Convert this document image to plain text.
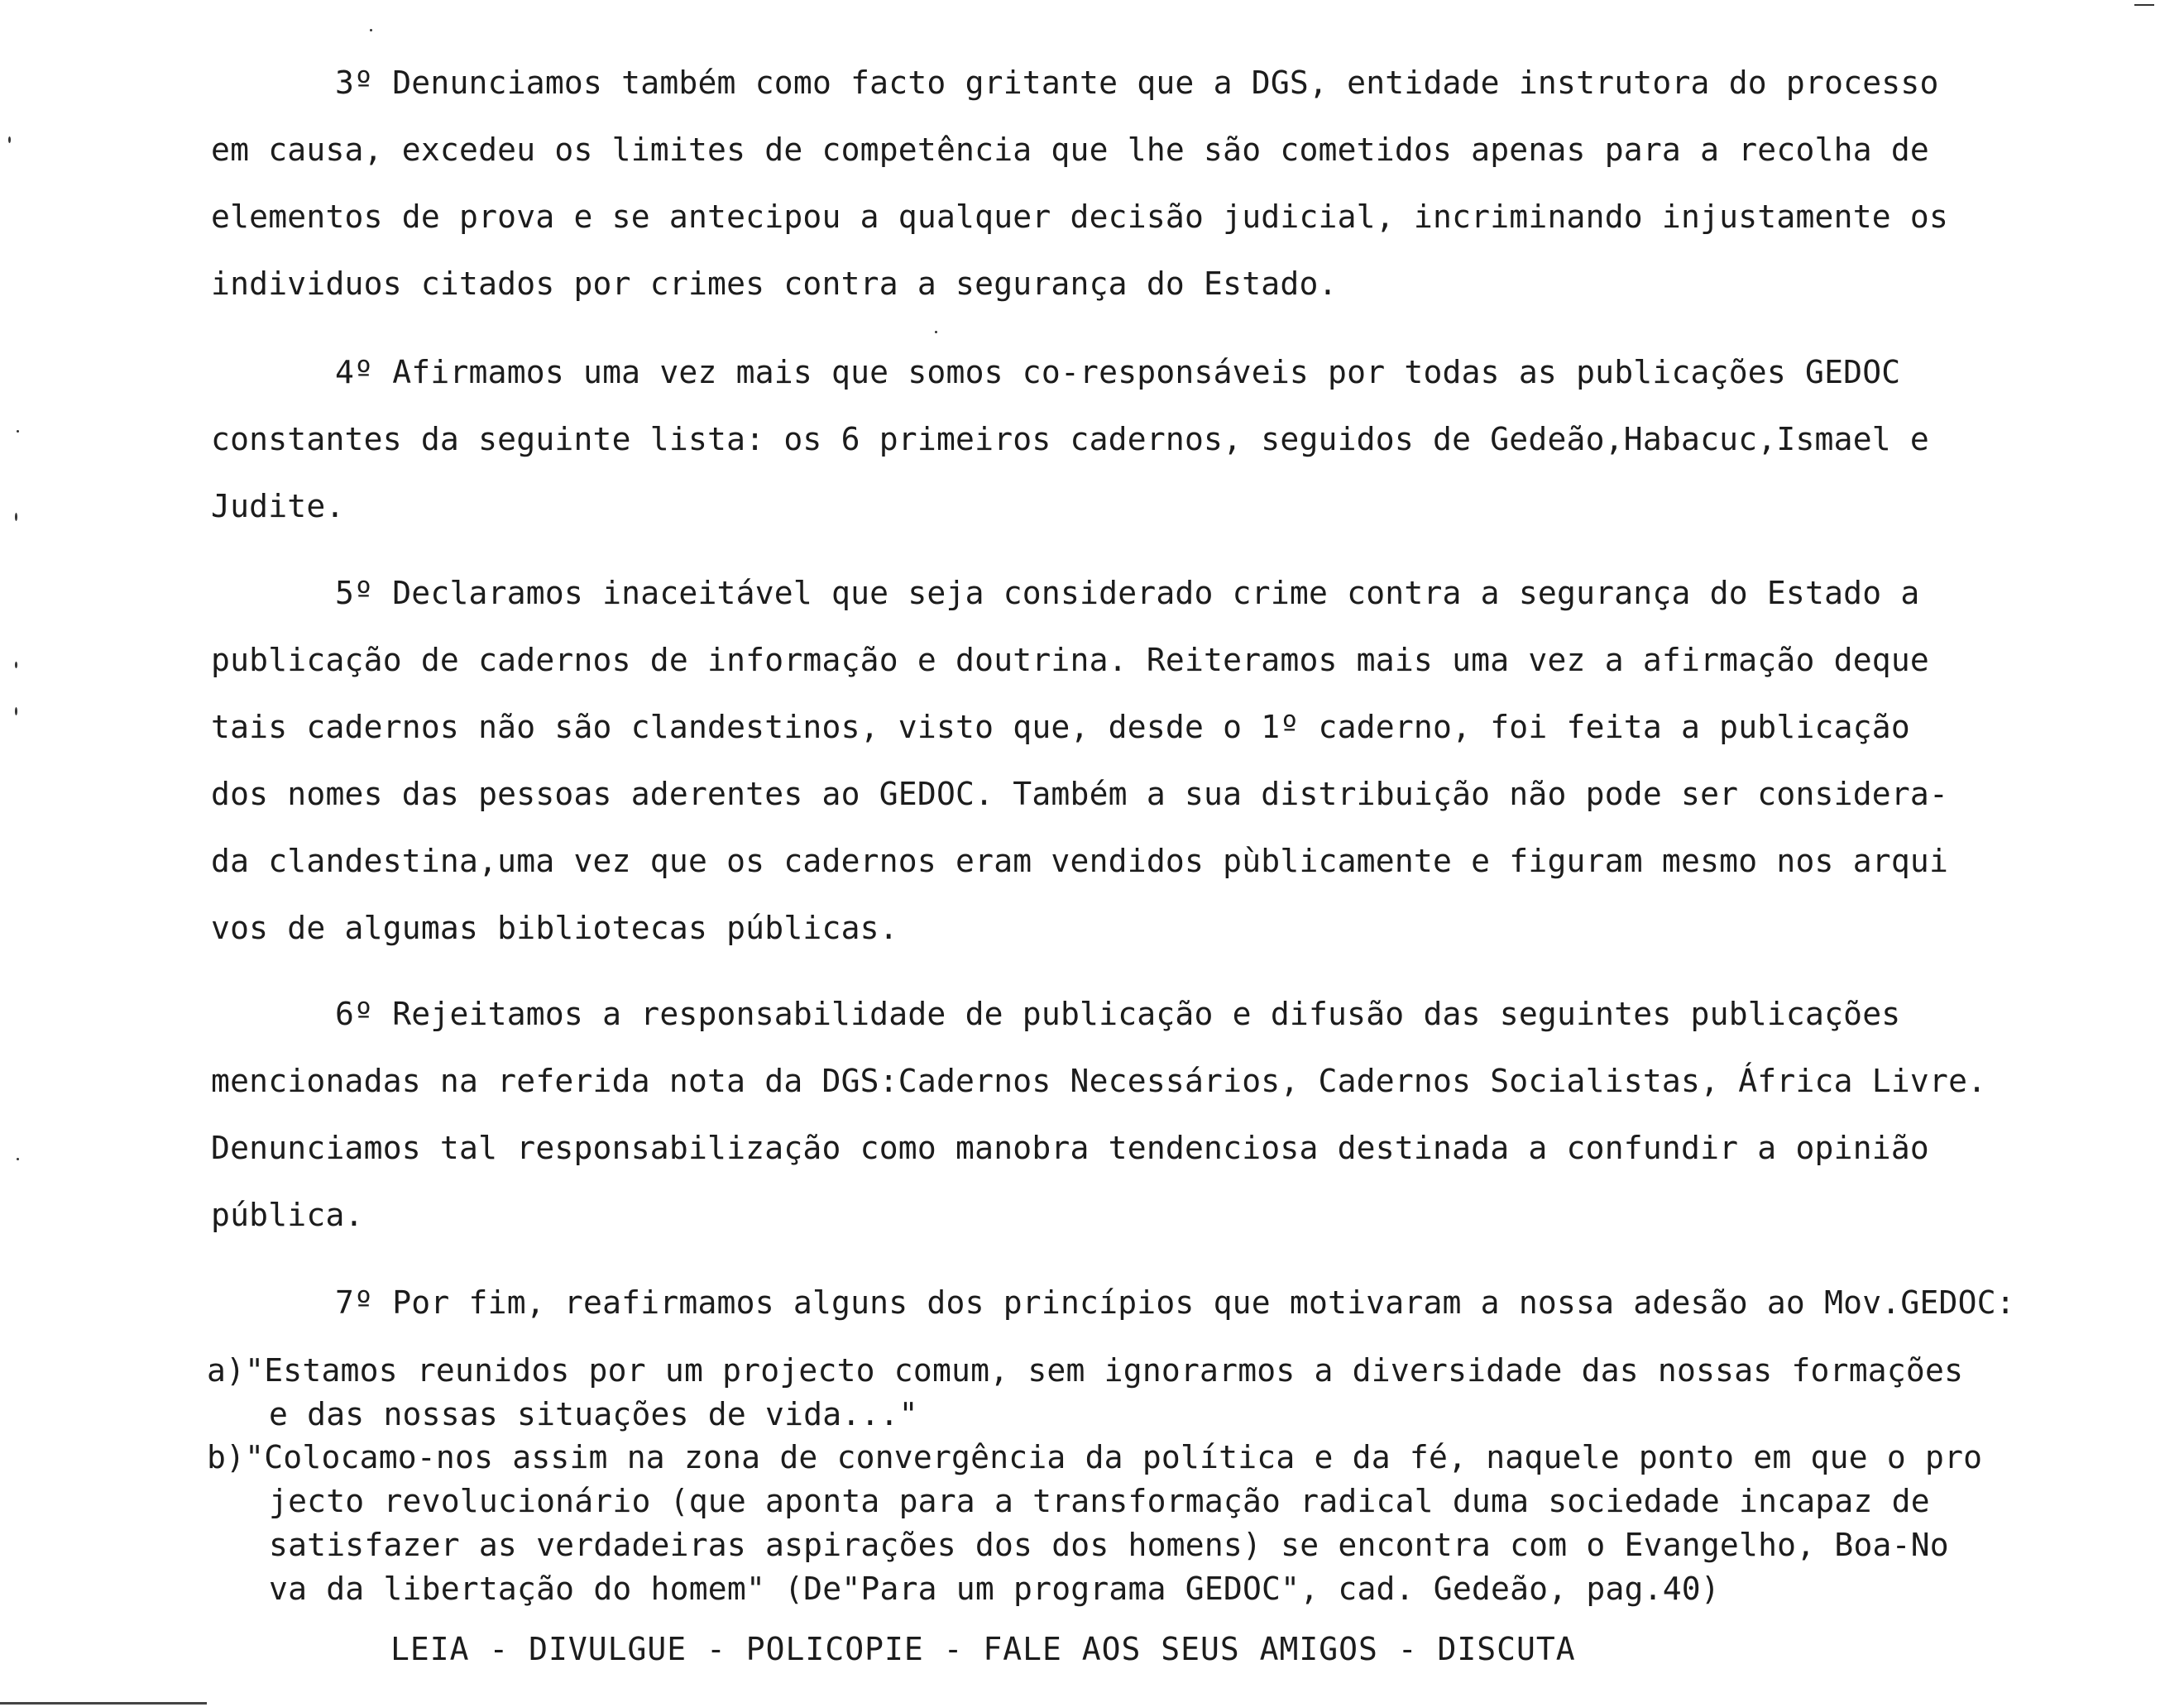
3º Denunciamos também como facto gritante que a DGS, entidade instrutora do processo
em causa, excedeu os limites de competência que lhe são cometidos apenas para a recolha de
elementos de prova e se antecipou a qualquer decisão judicial, incriminando injustamente os
individuos citados por crimes contra a segurança do Estado.
4º Afirmamos uma vez mais que somos co-responsáveis por todas as publicações GEDOC
constantes da seguinte lista: os 6 primeiros cadernos, seguidos de Gedeão,Habacuc,Ismael e
Judite.
5º Declaramos inaceitável que seja considerado crime contra a segurança do Estado a
publicação de cadernos de informação e doutrina. Reiteramos mais uma vez a afirmação deque
tais cadernos não são clandestinos, visto que, desde o 1º caderno, foi feita a publicação
dos nomes das pessoas aderentes ao GEDOC. Também a sua distribuição não pode ser considera-
da clandestina,uma vez que os cadernos eram vendidos pùblicamente e figuram mesmo nos arqui
vos de algumas bibliotecas públicas.
6º Rejeitamos a responsabilidade de publicação e difusão das seguintes publicações
mencionadas na referida nota da DGS:Cadernos Necessários, Cadernos Socialistas, África Livre.
Denunciamos tal responsabilização como manobra tendenciosa destinada a confundir a opinião
pública.
7º Por fim, reafirmamos alguns dos princípios que motivaram a nossa adesão ao Mov.GEDOC:
a)"Estamos reunidos por um projecto comum, sem ignorarmos a diversidade das nossas formações
e das nossas situações de vida..."
b)"Colocamo-nos assim na zona de convergência da política e da fé, naquele ponto em que o pro
jecto revolucionário (que aponta para a transformação radical duma sociedade incapaz de
satisfazer as verdadeiras aspirações dos dos homens) se encontra com o Evangelho, Boa-No
va da libertação do homem" (De"Para um programa GEDOC", cad. Gedeão, pag.40)
LEIA - DIVULGUE - POLICOPIE - FALE AOS SEUS AMIGOS - DISCUTA
